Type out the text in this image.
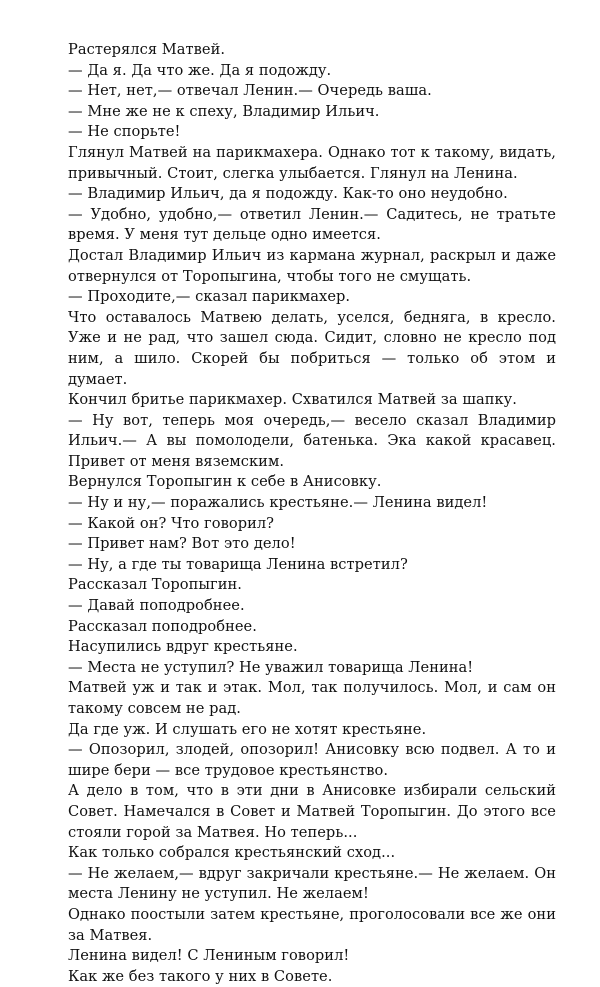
Растерялся Матвей.

— Да я. Да что же. Да я подожду.

— Нет, нет,— отвечал Ленин.— Очередь ваша.

— Мне же не к спеху, Владимир Ильич.

— Не спорьте!

Глянул Матвей на парикмахера. Однако тот к такому, видать, привычный. Стоит, слегка улыбается. Глянул на Ленина.

— Владимир Ильич, да я подожду. Как-то оно неудобно.

— Удобно, удобно,— ответил Ленин.— Садитесь, не тратьте время. У меня тут дельце одно имеется.

Достал Владимир Ильич из кармана журнал, раскрыл и даже отвернулся от Торопыгина, чтобы того не смущать.

— Проходите,— сказал парикмахер.

Что оставалось Матвею делать, уселся, бедняга, в кресло. Уже и не рад, что зашел сюда. Сидит, словно не кресло под ним, а шило. Скорей бы побриться — только об этом и думает.

Кончил бритье парикмахер. Схватился Матвей за шапку.

— Ну вот, теперь моя очередь,— весело сказал Владимир Ильич.— А вы помолодели, батенька. Эка какой красавец. Привет от меня вяземским.

Вернулся Торопыгин к себе в Анисовку.

— Ну и ну,— поражались крестьяне.— Ленина видел!

— Какой он? Что говорил?

— Привет нам? Вот это дело!

— Ну, а где ты товарища Ленина встретил?

Рассказал Торопыгин.

— Давай поподробнее.

Рассказал поподробнее.

Насупились вдруг крестьяне.

— Места не уступил? Не уважил товарища Ленина!

Матвей уж и так и этак. Мол, так получилось. Мол, и сам он такому совсем не рад.

Да где уж. И слушать его не хотят крестьяне.

— Опозорил, злодей, опозорил! Анисовку всю подвел. А то и шире бери — все трудовое крестьянство.

А дело в том, что в эти дни в Анисовке избирали сельский Совет. Намечался в Совет и Матвей Торопыгин. До этого все стояли горой за Матвея. Но теперь...

Как только собрался крестьянский сход...

— Не желаем,— вдруг закричали крестьяне.— Не желаем. Он места Ленину не уступил. Не желаем!

Однако поостыли затем крестьяне, проголосовали все же они за Матвея.

Ленина видел! С Лениным говорил!

Как же без такого у них в Совете.
